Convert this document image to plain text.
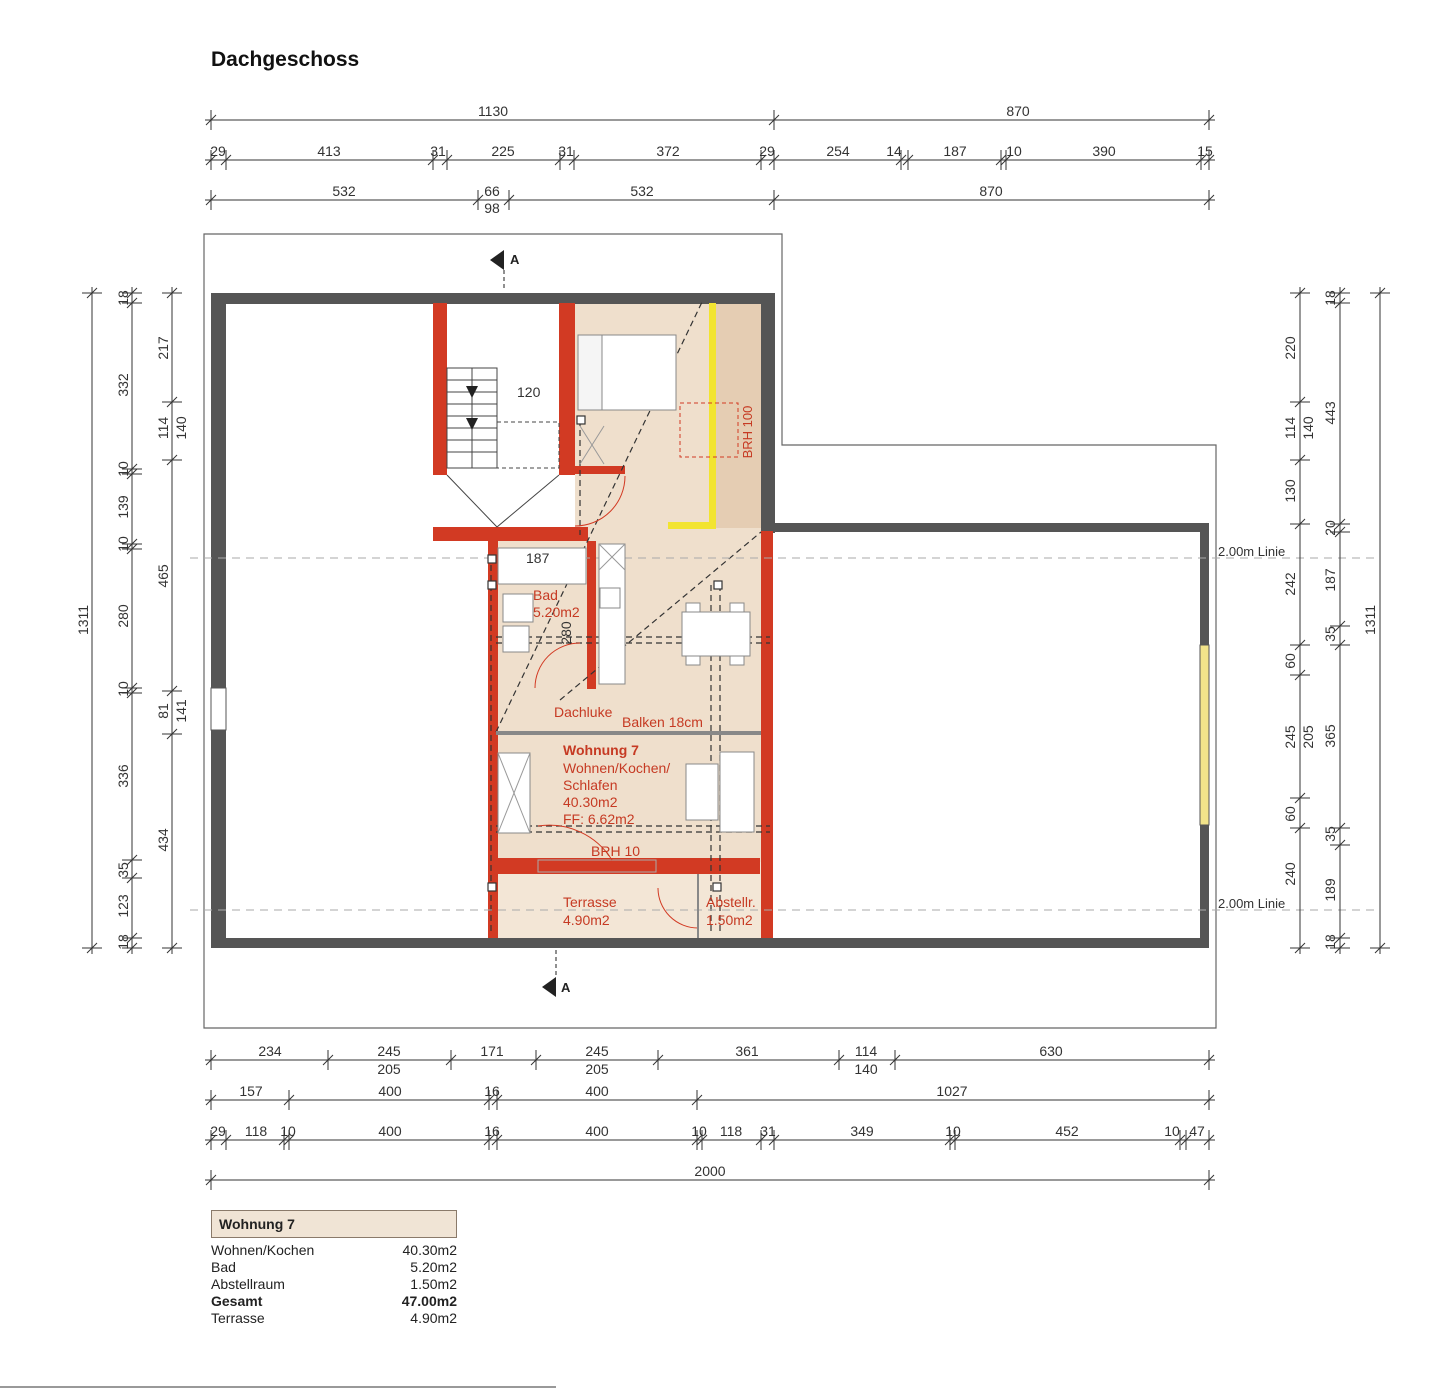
Dachgeschoss
1130	870
29	413	31	225	31	372	29	254	14	187	10	390	15
532	66
98
532	870
234	245
205
171	245
205
361	114
140
630
157	400	16	400	1027
29 118 10	400	16	400	10 118 31	349	10	452	10 47
2000
1311
18
332
10
139
10
280
10
336
35
123
18
217
114 140
465
81 141
434
220
114 140
130
242
60
245 205
60
240
18
443
20
187
35
365
35
189
18
1311
A
A
120
187
280
EI30	EI30
BRH 100
Bad
5.20m2
Dachluke
Balken 18cm
Wohnung 7
Wohnen/Kochen/
Schlafen
40.30m2
FF: 6.62m2
BRH 10
Terrasse
4.90m2
Abstellr.
1.50m2
2.00m Linie
2.00m Linie
Wohnung 7
Wohnen/Kochen	40.30m2
Bad	5.20m2
Abstellraum	1.50m2
Gesamt	47.00m2
Terrasse	4.90m2
